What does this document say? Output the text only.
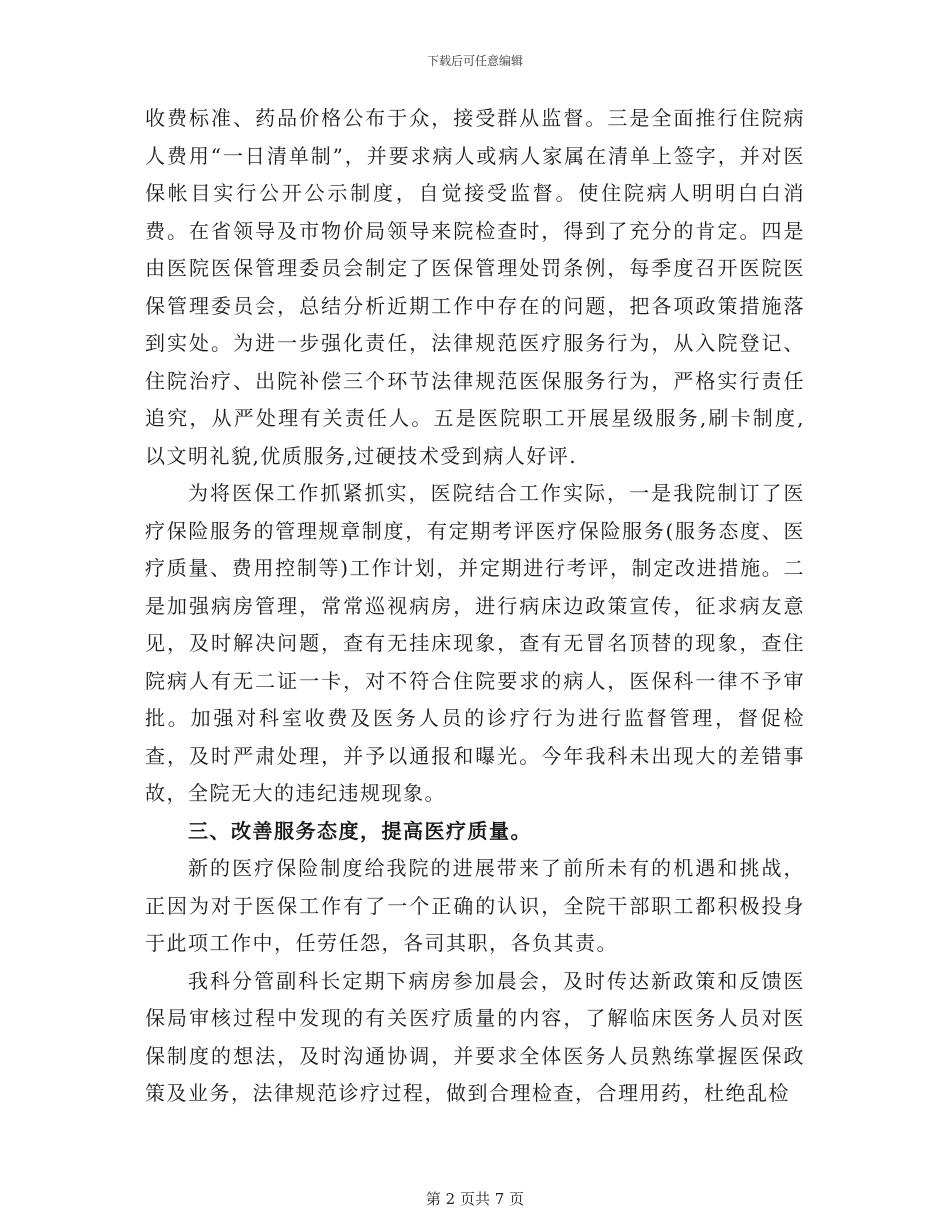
下载后可任意编辑

收费标准、药品价格公布于众，接受群从监督。三是全面推行住院病人费用“一日清单制”，并要求病人或病人家属在清单上签字，并对医保帐目实行公开公示制度，自觉接受监督。使住院病人明明白白消费。在省领导及市物价局领导来院检查时，得到了充分的肯定。四是由医院医保管理委员会制定了医保管理处罚条例，每季度召开医院医保管理委员会，总结分析近期工作中存在的问题，把各项政策措施落到实处。为进一步强化责任，法律规范医疗服务行为，从入院登记、住院治疗、出院补偿三个环节法律规范医保服务行为，严格实行责任追究，从严处理有关责任人。五是医院职工开展星级服务,刷卡制度,以文明礼貌,优质服务,过硬技术受到病人好评.

为将医保工作抓紧抓实，医院结合工作实际，一是我院制订了医疗保险服务的管理规章制度，有定期考评医疗保险服务(服务态度、医疗质量、费用控制等)工作计划，并定期进行考评，制定改进措施。二是加强病房管理，常常巡视病房，进行病床边政策宣传，征求病友意见，及时解决问题，查有无挂床现象，查有无冒名顶替的现象，查住院病人有无二证一卡，对不符合住院要求的病人，医保科一律不予审批。加强对科室收费及医务人员的诊疗行为进行监督管理，督促检查，及时严肃处理，并予以通报和曝光。今年我科未出现大的差错事故，全院无大的违纪违规现象。

三、改善服务态度，提高医疗质量。

新的医疗保险制度给我院的进展带来了前所未有的机遇和挑战，正因为对于医保工作有了一个正确的认识，全院干部职工都积极投身于此项工作中，任劳任怨，各司其职，各负其责。

我科分管副科长定期下病房参加晨会，及时传达新政策和反馈医保局审核过程中发现的有关医疗质量的内容，了解临床医务人员对医保制度的想法，及时沟通协调，并要求全体医务人员熟练掌握医保政策及业务，法律规范诊疗过程，做到合理检查，合理用药，杜绝乱检

第 2 页共 7 页
